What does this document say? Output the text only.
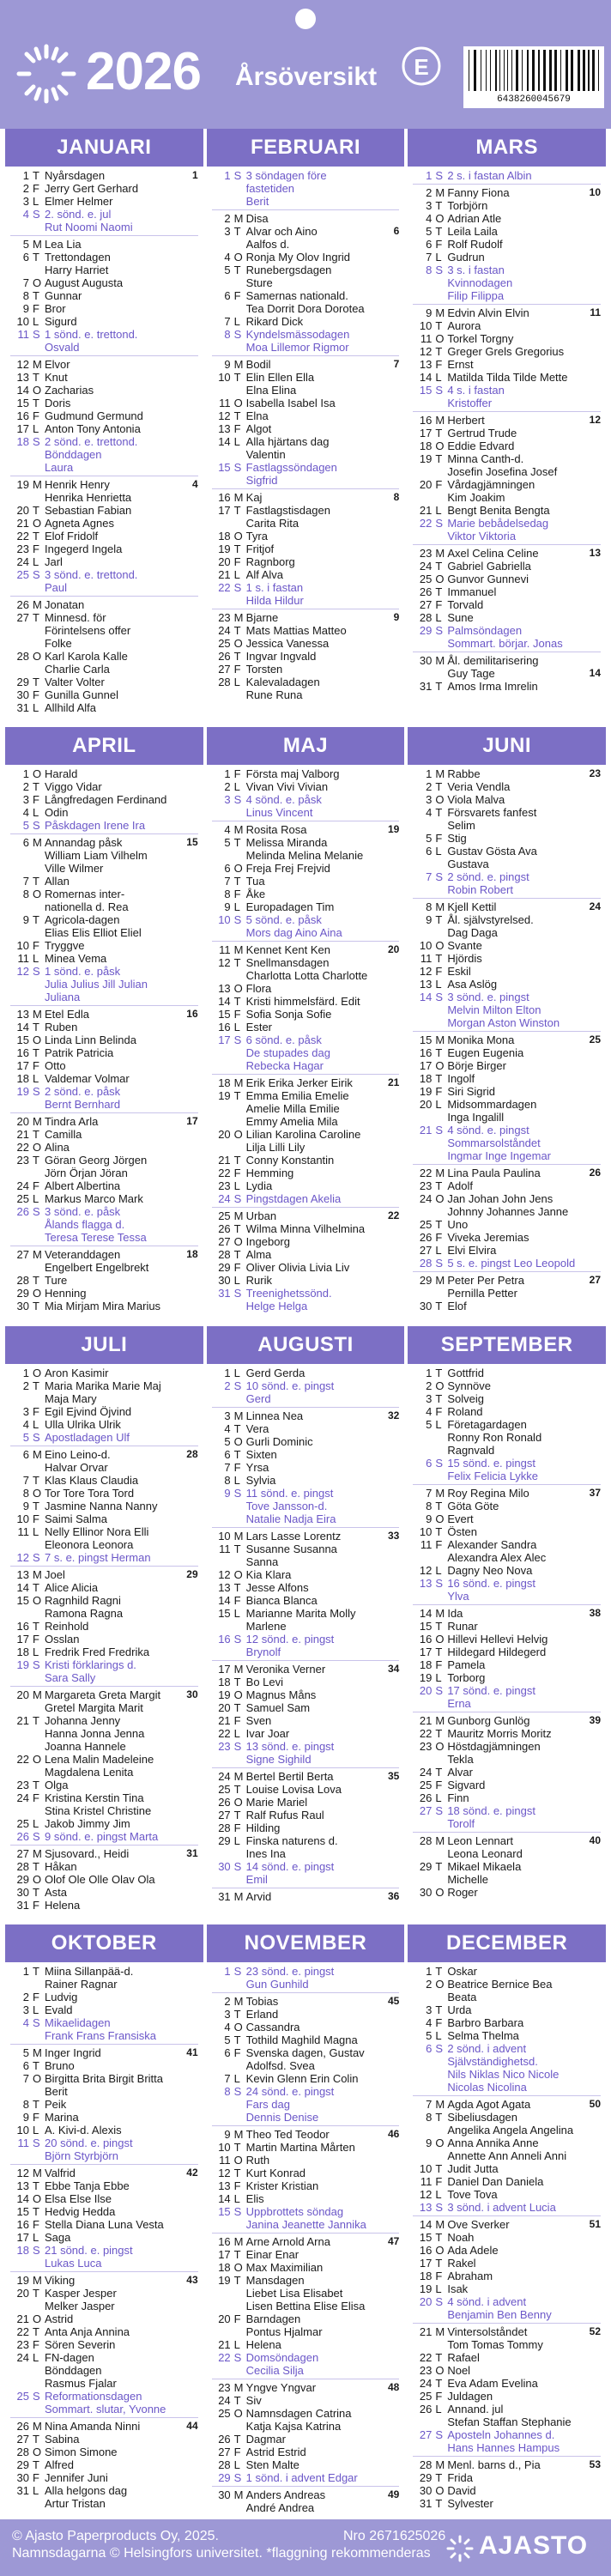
2026 Årsöversikt E
6438260045679
JANUARI
1 T Nyårsdagen	1
2 F Jerry Gert Gerhard
3 L Elmer Helmer
4 S 2. sönd. e. jul
Rut Noomi Naomi
5 M Lea Lia
6 T Trettondagen
Harry Harriet
7 O August Augusta
8 T Gunnar
9 F Bror
10 L Sigurd
11 S 1 sönd. e. trettond.
Osvald
12 M Elvor
13 T Knut
14 O Zacharias
15 T Doris
16 F Gudmund Germund
17 L Anton Tony Antonia
18 S 2 sönd. e. trettond.
Bönddagen
Laura
19 M Henrik Henry	4
Henrika Henrietta
20 T Sebastian Fabian
21 O Agneta Agnes
22 T Elof Fridolf
23 F Ingegerd Ingela
24 L Jarl
25 S 3 sönd. e. trettond.
Paul
26 M Jonatan
27 T Minnesd. för
Förintelsens offer
Folke
28 O Karl Karola Kalle
Charlie Carla
29 T Valter Volter
30 F Gunilla Gunnel
31 L Allhild Alfa
FEBRUARI
1 S 3 söndagen före
fastetiden
Berit
2 M Disa
3 T Alvar och Aino	6
Aalfos d.
4 O Ronja My Olov Ingrid
5 T Runebergsdagen
Sture
6 F Samernas nationald.
Tea Dorrit Dora Dorotea
7 L Rikard Dick
8 S Kyndelsmässodagen
Moa Lillemor Rigmor
9 M Bodil	7
10 T Elin Ellen Ella
Elna Elina
11 O Isabella Isabel Isa
12 T Elna
13 F Algot
14 L Alla hjärtans dag
Valentin
15 S Fastlagssöndagen
Sigfrid
16 M Kaj	8
17 T Fastlagstisdagen
Carita Rita
18 O Tyra
19 T Fritjof
20 F Ragnborg
21 L Alf Alva
22 S 1 s. i fastan
Hilda Hildur
23 M Bjarne	9
24 T Mats Mattias Matteo
25 O Jessica Vanessa
26 T Ingvar Ingvald
27 F Torsten
28 L Kalevaladagen
Rune Runa
MARS
1 S 2 s. i fastan Albin
2 M Fanny Fiona	10
3 T Torbjörn
4 O Adrian Atle
5 T Leila Laila
6 F Rolf Rudolf
7 L Gudrun
8 S 3 s. i fastan
Kvinnodagen
Filip Filippa
9 M Edvin Alvin Elvin	11
10 T Aurora
11 O Torkel Torgny
12 T Greger Grels Gregorius
13 F Ernst
14 L Matilda Tilda Tilde Mette
15 S 4 s. i fastan
Kristoffer
16 M Herbert	12
17 T Gertrud Trude
18 O Eddie Edvard
19 T Minna Canth-d.
Josefin Josefina Josef
20 F Vårdagjämningen
Kim Joakim
21 L Bengt Benita Bengta
22 S Marie bebådelsedag
Viktor Viktoria
23 M Axel Celina Celine	13
24 T Gabriel Gabriella
25 O Gunvor Gunnevi
26 T Immanuel
27 F Torvald
28 L Sune
29 S Palmsöndagen
Sommart. börjar. Jonas
30 M Ål. demilitarisering
Guy Tage	14
31 T Amos Irma Imrelin
APRIL
1 O Harald
2 T Viggo Vidar
3 F Långfredagen Ferdinand
4 L Odin
5 S Påskdagen Irene Ira
6 M Annandag påsk	15
William Liam Vilhelm
Ville Wilmer
7 T Allan
8 O Romernas inter-
nationella d. Rea
9 T Agricola-dagen
Elias Elis Elliot Eliel
10 F Tryggve
11 L Minea Vema
12 S 1 sönd. e. påsk
Julia Julius Jill Julian
Juliana
13 M Etel Edla	16
14 T Ruben
15 O Linda Linn Belinda
16 T Patrik Patricia
17 F Otto
18 L Valdemar Volmar
19 S 2 sönd. e. påsk
Bernt Bernhard
20 M Tindra Arla	17
21 T Camilla
22 O Alina
23 T Göran Georg Jörgen
Jörn Örjan Jöran
24 F Albert Albertina
25 L Markus Marco Mark
26 S 3 sönd. e. påsk
Ålands flagga d.
Teresa Terese Tessa
27 M Veteranddagen	18
Engelbert Engelbrekt
28 T Ture
29 O Henning
30 T Mia Mirjam Mira Marius
MAJ
1 F Första maj Valborg
2 L Vivan Vivi Vivian
3 S 4 sönd. e. påsk
Linus Vincent
4 M Rosita Rosa	19
5 T Melissa Miranda
Melinda Melina Melanie
6 O Freja Frej Frejvid
7 T Tua
8 F Åke
9 L Europadagen Tim
10 S 5 sönd. e. påsk
Mors dag Aino Aina
11 M Kennet Kent Ken	20
12 T Snellmansdagen
Charlotta Lotta Charlotte
13 O Flora
14 T Kristi himmelsfärd. Edit
15 F Sofia Sonja Sofie
16 L Ester
17 S 6 sönd. e. påsk
De stupades dag
Rebecka Hagar
18 M Erik Erika Jerker Eirik	21
19 T Emma Emilia Emelie
Amelie Milla Emilie
Emmy Amelia Mila
20 O Lilian Karolina Caroline
Lilja Lilli Lily
21 T Conny Konstantin
22 F Hemming
23 L Lydia
24 S Pingstdagen Akelia
25 M Urban	22
26 T Wilma Minna Vilhelmina
27 O Ingeborg
28 T Alma
29 F Oliver Olivia Livia Liv
30 L Rurik
31 S Treenighetssönd.
Helge Helga
JUNI
1 M Rabbe	23
2 T Veria Vendla
3 O Viola Malva
4 T Försvarets fanfest
Selim
5 F Stig
6 L Gustav Gösta Ava
Gustava
7 S 2 sönd. e. pingst
Robin Robert
8 M Kjell Kettil	24
9 T Ål. självstyrelsed.
Dag Daga
10 O Svante
11 T Hjördis
12 F Eskil
13 L Asa Aslög
14 S 3 sönd. e. pingst
Melvin Milton Elton
Morgan Aston Winston
15 M Monika Mona	25
16 T Eugen Eugenia
17 O Börje Birger
18 T Ingolf
19 F Siri Sigrid
20 L Midsommardagen
Inga Ingalill
21 S 4 sönd. e. pingst
Sommarsolståndet
Ingmar Inge Ingemar
22 M Lina Paula Paulina	26
23 T Adolf
24 O Jan Johan John Jens
Johnny Johannes Janne
25 T Uno
26 F Viveka Jeremias
27 L Elvi Elvira
28 S 5 s. e. pingst Leo Leopold
29 M Peter Per Petra	27
Pernilla Petter
30 T Elof
JULI
1 O Aron Kasimir
2 T Maria Marika Marie Maj
Maja Mary
3 F Egil Ejvind Öjvind
4 L Ulla Ulrika Ulrik
5 S Apostladagen Ulf
6 M Eino Leino-d.	28
Halvar Orvar
7 T Klas Klaus Claudia
8 O Tor Tore Tora Tord
9 T Jasmine Nanna Nanny
10 F Saimi Salma
11 L Nelly Ellinor Nora Elli
Eleonora Leonora
12 S 7 s. e. pingst Herman
13 M Joel	29
14 T Alice Alicia
15 O Ragnhild Ragni
Ramona Ragna
16 T Reinhold
17 F Osslan
18 L Fredrik Fred Fredrika
19 S Kristi förklarings d.
Sara Sally
20 M Margareta Greta Margit	30
Gretel Margita Marit
21 T Johanna Jenny
Hanna Jonna Jenna
Joanna Hannele
22 O Lena Malin Madeleine
Magdalena Lenita
23 T Olga
24 F Kristina Kerstin Tina
Stina Kristel Christine
25 L Jakob Jimmy Jim
26 S 9 sönd. e. pingst Marta
27 M Sjusovard., Heidi	31
28 T Håkan
29 O Olof Ole Olle Olav Ola
30 T Asta
31 F Helena
AUGUSTI
1 L Gerd Gerda
2 S 10 sönd. e. pingst
Gerd
3 M Linnea Nea	32
4 T Vera
5 O Gurli Dominic
6 T Sixten
7 F Yrsa
8 L Sylvia
9 S 11 sönd. e. pingst
Tove Jansson-d.
Natalie Nadja Eira
10 M Lars Lasse Lorentz	33
11 T Susanne Susanna
Sanna
12 O Kia Klara
13 T Jesse Alfons
14 F Bianca Blanca
15 L Marianne Marita Molly
Marlene
16 S 12 sönd. e. pingst
Brynolf
17 M Veronika Verner	34
18 T Bo Levi
19 O Magnus Måns
20 T Samuel Sam
21 F Sven
22 L Ivar Joar
23 S 13 sönd. e. pingst
Signe Sighild
24 M Bertel Bertil Berta	35
25 T Louise Lovisa Lova
26 O Marie Mariel
27 T Ralf Rufus Raul
28 F Hilding
29 L Finska naturens d.
Ines Ina
30 S 14 sönd. e. pingst
Emil
31 M Arvid	36
SEPTEMBER
1 T Gottfrid
2 O Synnöve
3 T Solveig
4 F Roland
5 L Företagardagen
Ronny Ron Ronald
Ragnvald
6 S 15 sönd. e. pingst
Felix Felicia Lykke
7 M Roy Regina Milo	37
8 T Göta Göte
9 O Evert
10 T Östen
11 F Alexander Sandra
Alexandra Alex Alec
12 L Dagny Neo Nova
13 S 16 sönd. e. pingst
Ylva
14 M Ida	38
15 T Runar
16 O Hillevi Hellevi Helvig
17 T Hildegard Hildegerd
18 F Pamela
19 L Torborg
20 S 17 sönd. e. pingst
Erna
21 M Gunborg Gunlög	39
22 T Mauritz Morris Moritz
23 O Höstdagjämningen
Tekla
24 T Alvar
25 F Sigvard
26 L Finn
27 S 18 sönd. e. pingst
Torolf
28 M Leon Lennart	40
Leona Leonard
29 T Mikael Mikaela
Michelle
30 O Roger
OKTOBER
1 T Miina Sillanpää-d.
Rainer Ragnar
2 F Ludvig
3 L Evald
4 S Mikaelidagen
Frank Frans Fransiska
5 M Inger Ingrid	41
6 T Bruno
7 O Birgitta Brita Birgit Britta
Berit
8 T Peik
9 F Marina
10 L A. Kivi-d. Alexis
11 S 20 sönd. e. pingst
Björn Styrbjörn
12 M Valfrid	42
13 T Ebbe Tanja Ebbe
14 O Elsa Else Ilse
15 T Hedvig Hedda
16 F Stella Diana Luna Vesta
17 L Saga
18 S 21 sönd. e. pingst
Lukas Luca
19 M Viking	43
20 T Kasper Jesper
Melker Jasper
21 O Astrid
22 T Anta Anja Annina
23 F Sören Severin
24 L FN-dagen
Bönddagen
Rasmus Fjalar
25 S Reformationsdagen
Sommart. slutar, Yvonne
26 M Nina Amanda Ninni	44
27 T Sabina
28 O Simon Simone
29 T Alfred
30 F Jennifer Juni
31 L Alla helgons dag
Artur Tristan
NOVEMBER
1 S 23 sönd. e. pingst
Gun Gunhild
2 M Tobias	45
3 T Erland
4 O Cassandra
5 T Tothild Maghild Magna
6 F Svenska dagen, Gustav
Adolfsd. Svea
7 L Kevin Glenn Erin Colin
8 S 24 sönd. e. pingst
Fars dag
Dennis Denise
9 M Theo Ted Teodor	46
10 T Martin Martina Mårten
11 O Ruth
12 T Kurt Konrad
13 F Krister Kristian
14 L Elis
15 S Uppbrottets söndag
Janina Jeanette Jannika
16 M Arne Arnold Arna	47
17 T Einar Enar
18 O Max Maximilian
19 T Mansdagen
Liebet Lisa Elisabet
Lisen Bettina Elise Elisa
20 F Barndagen
Pontus Hjalmar
21 L Helena
22 S Domsöndagen
Cecilia Silja
23 M Yngve Yngvar	48
24 T Siv
25 O Namnsdagen Catrina
Katja Kajsa Katrina
26 T Dagmar
27 F Astrid Estrid
28 L Sten Malte
29 S 1 sönd. i advent Edgar
30 M Anders Andreas	49
André Andrea
DECEMBER
1 T Oskar
2 O Beatrice Bernice Bea
Beata
3 T Urda
4 F Barbro Barbara
5 L Selma Thelma
6 S 2 sönd. i advent
Självständighetsd.
Nils Niklas Nico Nicole
Nicolas Nicolina
7 M Agda Agot Agata	50
8 T Sibeliusdagen
Angelika Angela Angelina
9 O Anna Annika Anne
Annette Ann Anneli Anni
10 T Judit Jutta
11 F Daniel Dan Daniela
12 L Tove Tova
13 S 3 sönd. i advent Lucia
14 M Ove Sverker	51
15 T Noah
16 O Ada Adele
17 T Rakel
18 F Abraham
19 L Isak
20 S 4 sönd. i advent
Benjamin Ben Benny
21 M Vintersolståndet	52
Tom Tomas Tommy
22 T Rafael
23 O Noel
24 T Eva Adam Evelina
25 F Juldagen
26 L Annand. jul
Stefan Staffan Stephanie
27 S Aposteln Johannes d.
Hans Hannes Hampus
28 M Menl. barns d., Pia	53
29 T Frida
30 O David
31 T Sylvester
© Ajasto Paperproducts Oy, 2025.
Namnsdagarna © Helsingfors universitet. *flaggning rekommenderas
Nro 2671625026 AJASTO
